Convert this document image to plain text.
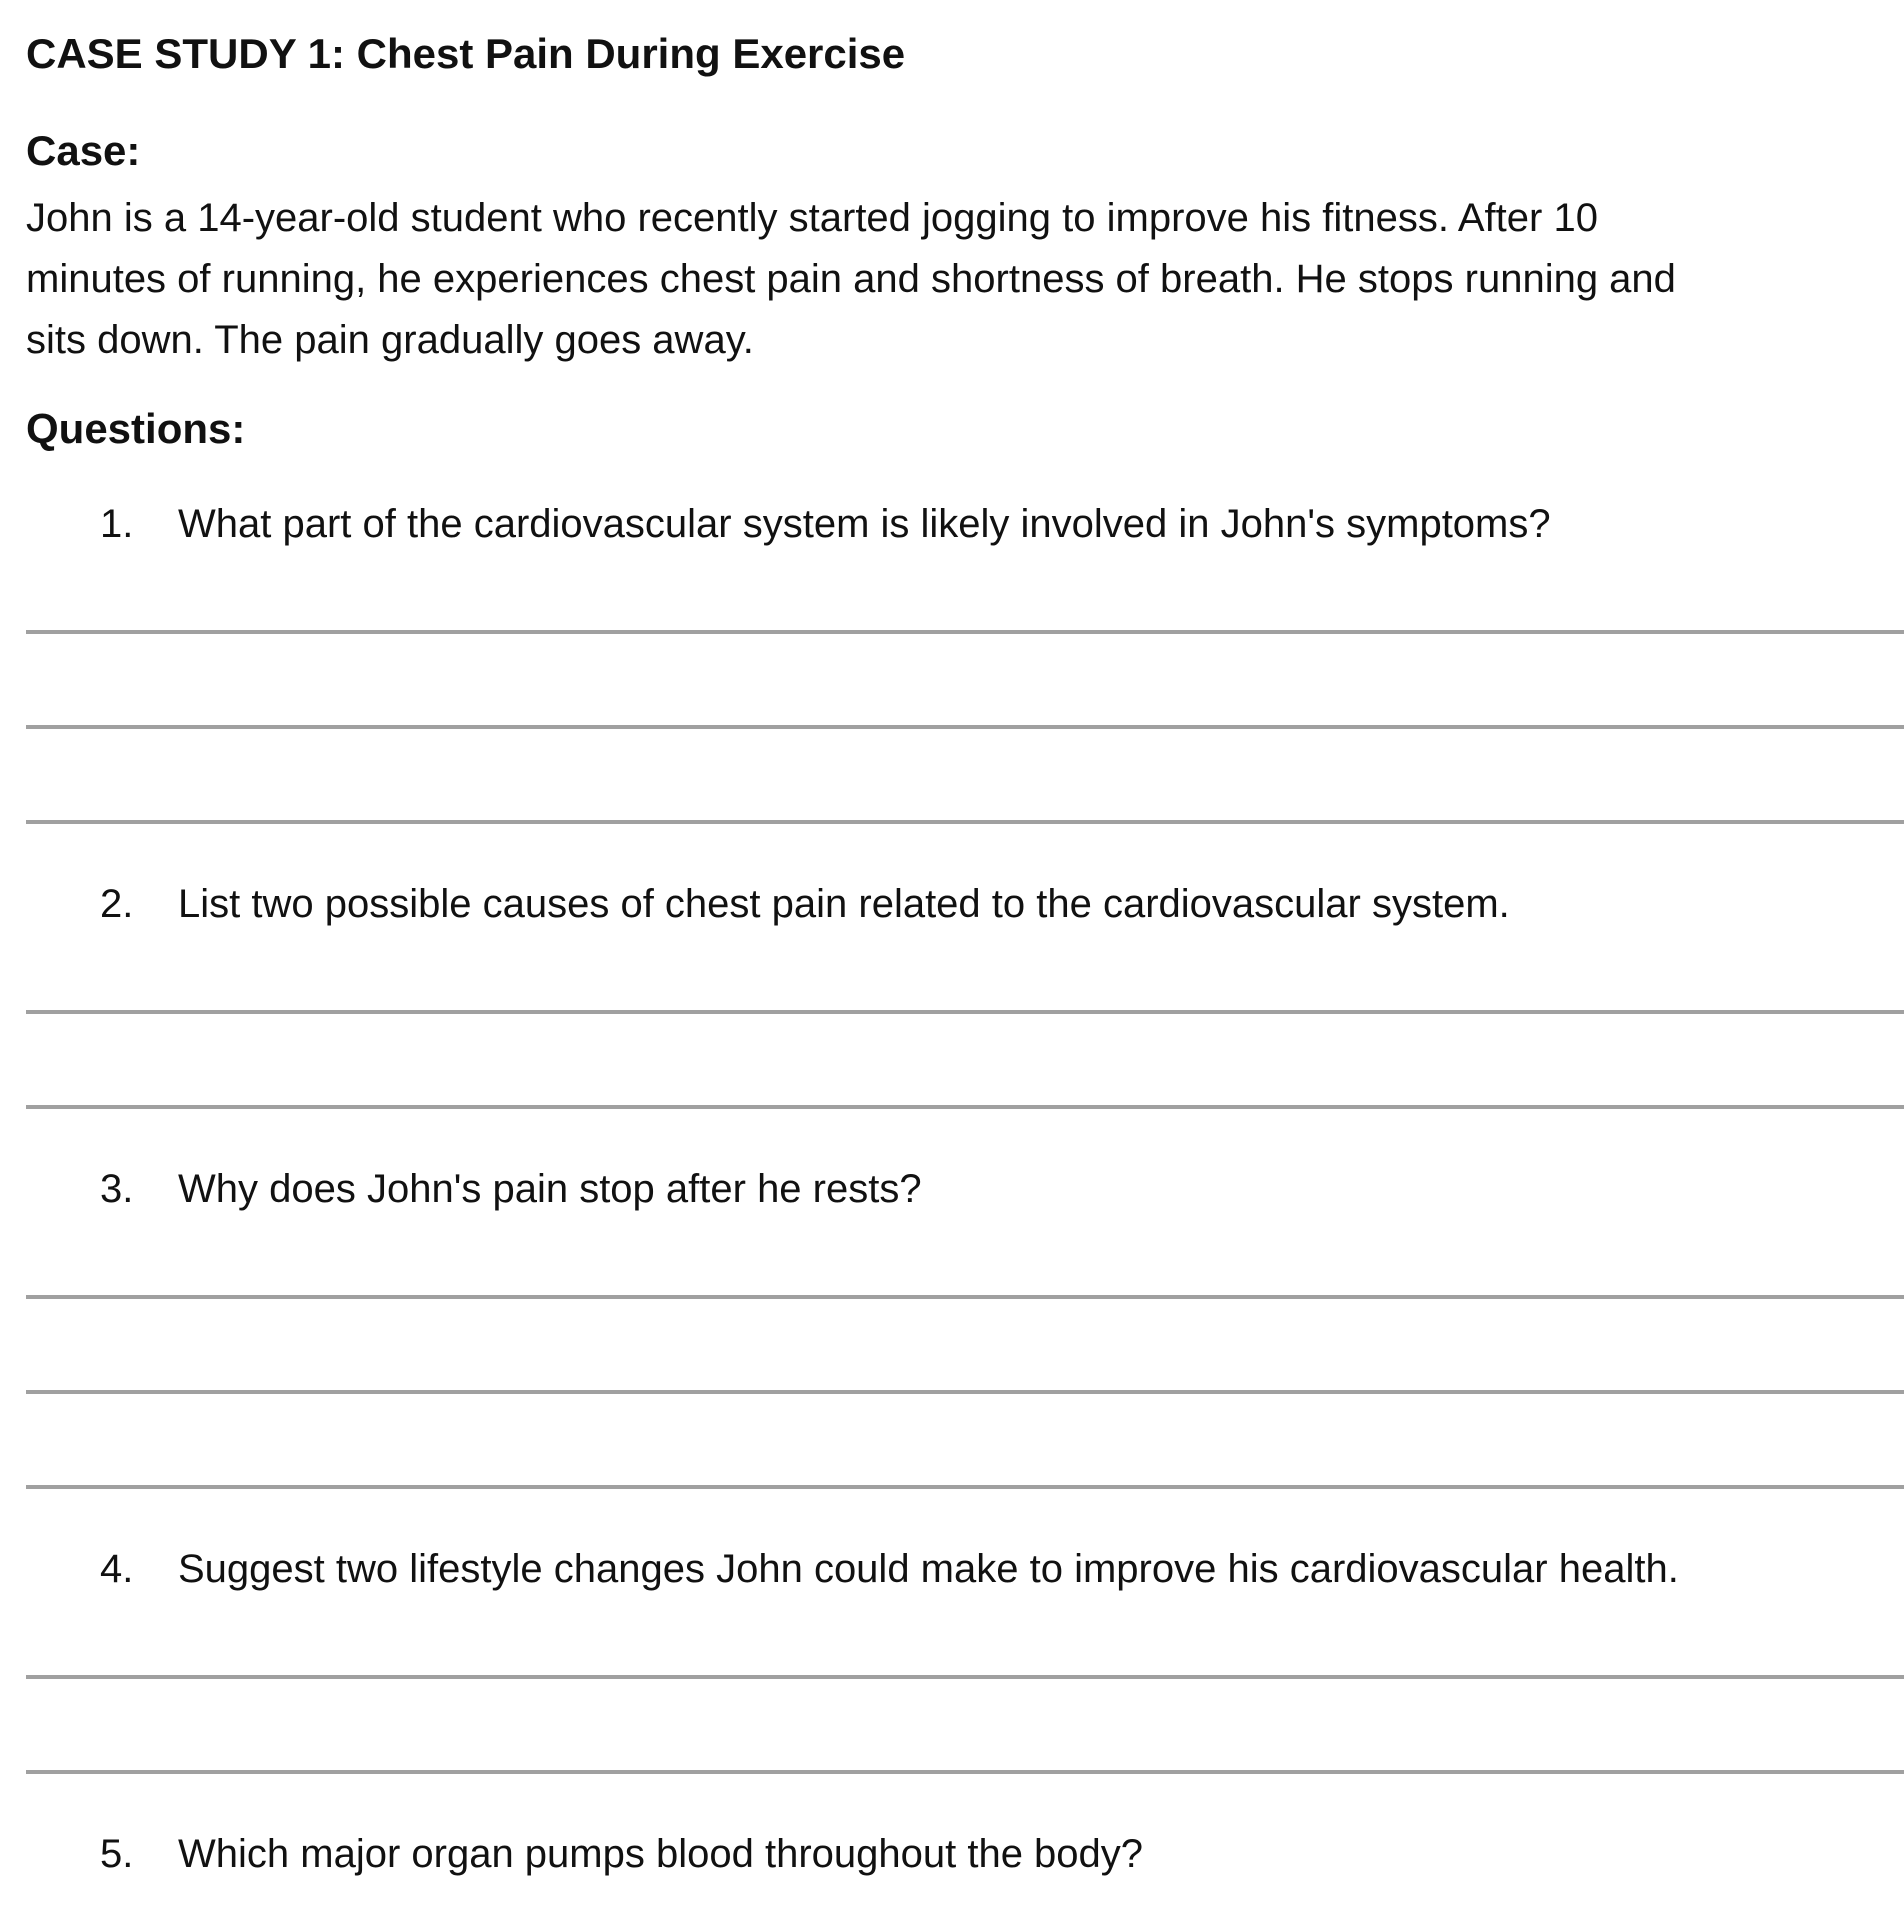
CASE STUDY 1: Chest Pain During Exercise
Case:
John is a 14-year-old student who recently started jogging to improve his fitness. After 10
minutes of running, he experiences chest pain and shortness of breath. He stops running and
sits down. The pain gradually goes away.
Questions:
1. What part of the cardiovascular system is likely involved in John's symptoms?
2. List two possible causes of chest pain related to the cardiovascular system.
3. Why does John's pain stop after he rests?
4. Suggest two lifestyle changes John could make to improve his cardiovascular health.
5. Which major organ pumps blood throughout the body?
